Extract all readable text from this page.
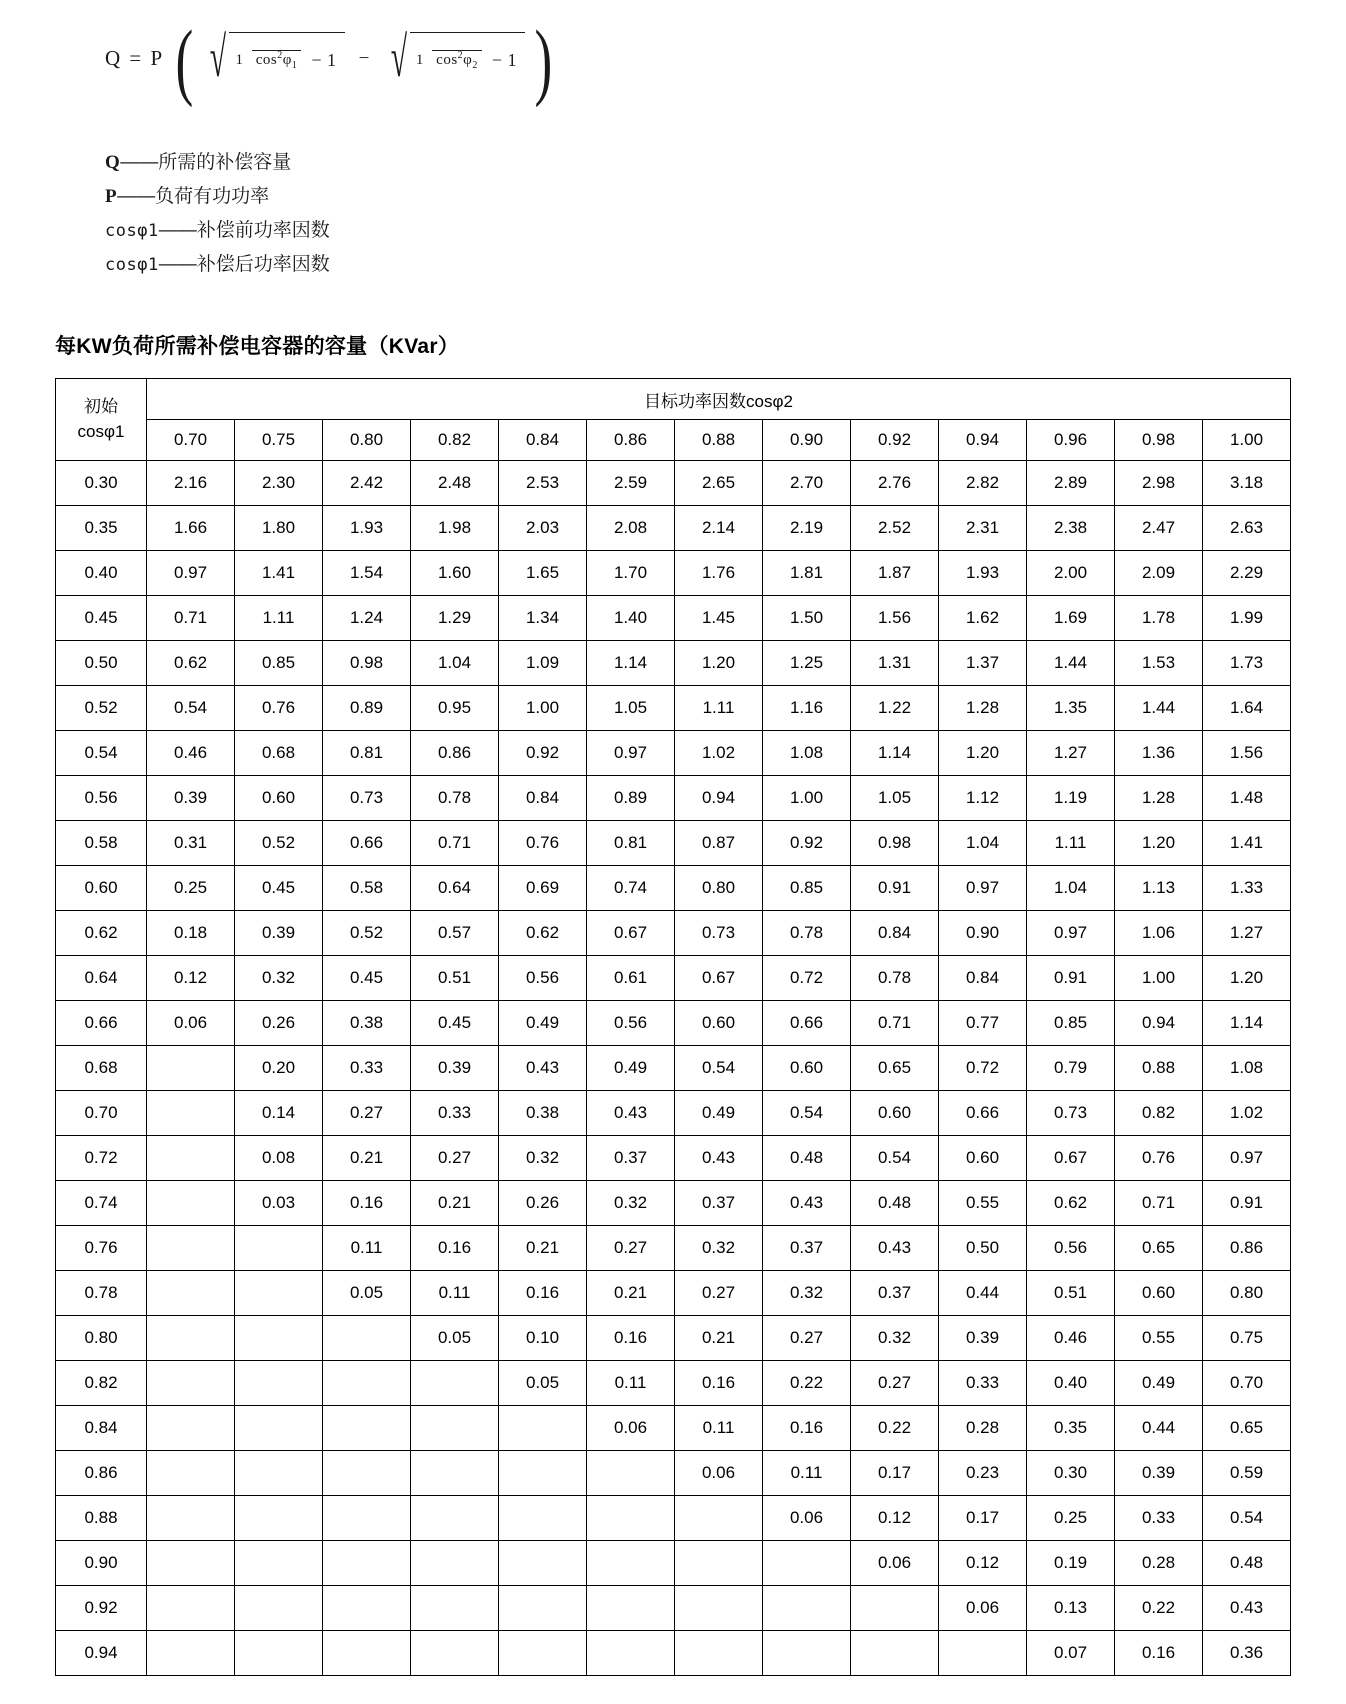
Q = P ( √ 1 $\cos^2\varphi_1 - 1$ − √ 1 $\cos^2\varphi_2 - 1$ )
Q——所需的补偿容量
P——负荷有功功率
cosφ1——补偿前功率因数
cosφ1——补偿后功率因数
每KW负荷所需补偿电容器的容量（KVar）
初始
cosφ1	目标功率因数cosφ2												
	0.70	0.75	0.80	0.82	0.84	0.86	0.88	0.90	0.92	0.94	0.96	0.98	1.00
0.30	2.16	2.30	2.42	2.48	2.53	2.59	2.65	2.70	2.76	2.82	2.89	2.98	3.18
0.35	1.66	1.80	1.93	1.98	2.03	2.08	2.14	2.19	2.52	2.31	2.38	2.47	2.63
0.40	0.97	1.41	1.54	1.60	1.65	1.70	1.76	1.81	1.87	1.93	2.00	2.09	2.29
0.45	0.71	1.11	1.24	1.29	1.34	1.40	1.45	1.50	1.56	1.62	1.69	1.78	1.99
0.50	0.62	0.85	0.98	1.04	1.09	1.14	1.20	1.25	1.31	1.37	1.44	1.53	1.73
0.52	0.54	0.76	0.89	0.95	1.00	1.05	1.11	1.16	1.22	1.28	1.35	1.44	1.64
0.54	0.46	0.68	0.81	0.86	0.92	0.97	1.02	1.08	1.14	1.20	1.27	1.36	1.56
0.56	0.39	0.60	0.73	0.78	0.84	0.89	0.94	1.00	1.05	1.12	1.19	1.28	1.48
0.58	0.31	0.52	0.66	0.71	0.76	0.81	0.87	0.92	0.98	1.04	1.11	1.20	1.41
0.60	0.25	0.45	0.58	0.64	0.69	0.74	0.80	0.85	0.91	0.97	1.04	1.13	1.33
0.62	0.18	0.39	0.52	0.57	0.62	0.67	0.73	0.78	0.84	0.90	0.97	1.06	1.27
0.64	0.12	0.32	0.45	0.51	0.56	0.61	0.67	0.72	0.78	0.84	0.91	1.00	1.20
0.66	0.06	0.26	0.38	0.45	0.49	0.56	0.60	0.66	0.71	0.77	0.85	0.94	1.14
0.68		0.20	0.33	0.39	0.43	0.49	0.54	0.60	0.65	0.72	0.79	0.88	1.08
0.70		0.14	0.27	0.33	0.38	0.43	0.49	0.54	0.60	0.66	0.73	0.82	1.02
0.72		0.08	0.21	0.27	0.32	0.37	0.43	0.48	0.54	0.60	0.67	0.76	0.97
0.74		0.03	0.16	0.21	0.26	0.32	0.37	0.43	0.48	0.55	0.62	0.71	0.91
0.76			0.11	0.16	0.21	0.27	0.32	0.37	0.43	0.50	0.56	0.65	0.86
0.78			0.05	0.11	0.16	0.21	0.27	0.32	0.37	0.44	0.51	0.60	0.80
0.80				0.05	0.10	0.16	0.21	0.27	0.32	0.39	0.46	0.55	0.75
0.82					0.05	0.11	0.16	0.22	0.27	0.33	0.40	0.49	0.70
0.84						0.06	0.11	0.16	0.22	0.28	0.35	0.44	0.65
0.86							0.06	0.11	0.17	0.23	0.30	0.39	0.59
0.88								0.06	0.12	0.17	0.25	0.33	0.54
0.90									0.06	0.12	0.19	0.28	0.48
0.92										0.06	0.13	0.22	0.43
0.94											0.07	0.16	0.36
